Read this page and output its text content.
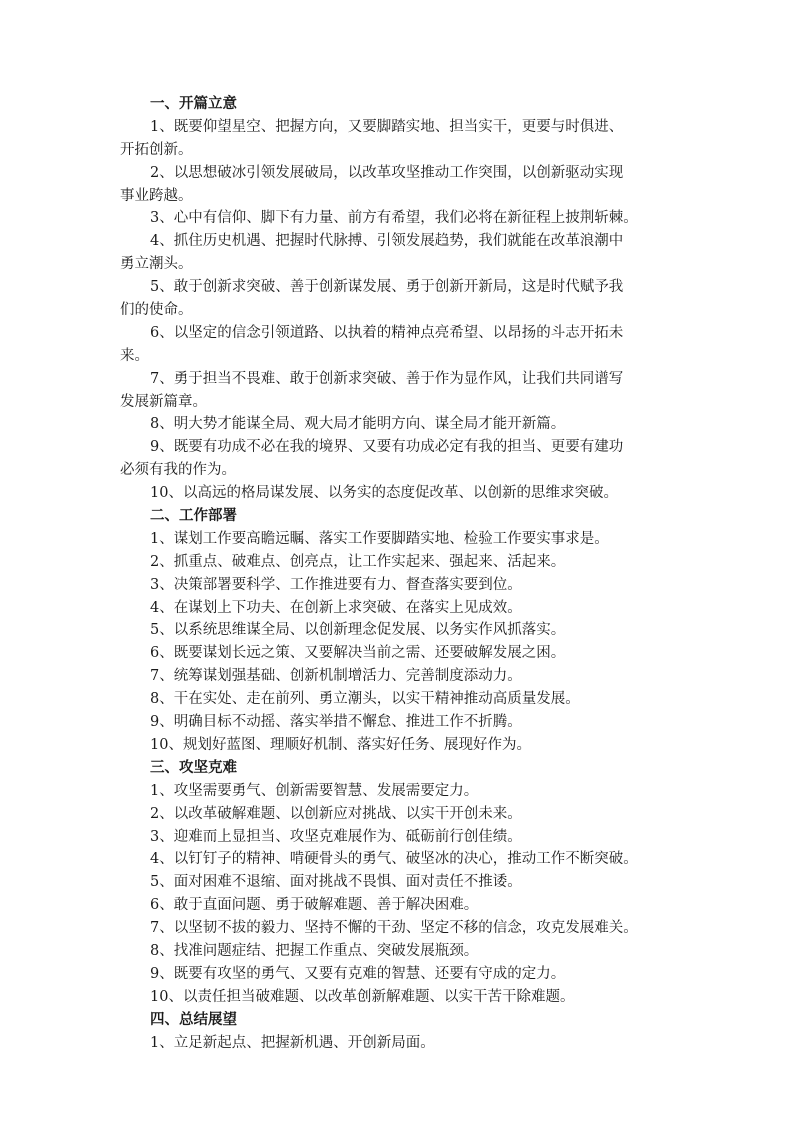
一、开篇立意
1、既要仰望星空、把握方向，又要脚踏实地、担当实干，更要与时俱进、
开拓创新。
2、以思想破冰引领发展破局，以改革攻坚推动工作突围，以创新驱动实现
事业跨越。
3、心中有信仰、脚下有力量、前方有希望，我们必将在新征程上披荆斩棘。
4、抓住历史机遇、把握时代脉搏、引领发展趋势，我们就能在改革浪潮中
勇立潮头。
5、敢于创新求突破、善于创新谋发展、勇于创新开新局，这是时代赋予我
们的使命。
6、以坚定的信念引领道路、以执着的精神点亮希望、以昂扬的斗志开拓未
来。
7、勇于担当不畏难、敢于创新求突破、善于作为显作风，让我们共同谱写
发展新篇章。
8、明大势才能谋全局、观大局才能明方向、谋全局才能开新篇。
9、既要有功成不必在我的境界、又要有功成必定有我的担当、更要有建功
必须有我的作为。
10、以高远的格局谋发展、以务实的态度促改革、以创新的思维求突破。
二、工作部署
1、谋划工作要高瞻远瞩、落实工作要脚踏实地、检验工作要实事求是。
2、抓重点、破难点、创亮点，让工作实起来、强起来、活起来。
3、决策部署要科学、工作推进要有力、督查落实要到位。
4、在谋划上下功夫、在创新上求突破、在落实上见成效。
5、以系统思维谋全局、以创新理念促发展、以务实作风抓落实。
6、既要谋划长远之策、又要解决当前之需、还要破解发展之困。
7、统筹谋划强基础、创新机制增活力、完善制度添动力。
8、干在实处、走在前列、勇立潮头，以实干精神推动高质量发展。
9、明确目标不动摇、落实举措不懈怠、推进工作不折腾。
10、规划好蓝图、理顺好机制、落实好任务、展现好作为。
三、攻坚克难
1、攻坚需要勇气、创新需要智慧、发展需要定力。
2、以改革破解难题、以创新应对挑战、以实干开创未来。
3、迎难而上显担当、攻坚克难展作为、砥砺前行创佳绩。
4、以钉钉子的精神、啃硬骨头的勇气、破坚冰的决心，推动工作不断突破。
5、面对困难不退缩、面对挑战不畏惧、面对责任不推诿。
6、敢于直面问题、勇于破解难题、善于解决困难。
7、以坚韧不拔的毅力、坚持不懈的干劲、坚定不移的信念，攻克发展难关。
8、找准问题症结、把握工作重点、突破发展瓶颈。
9、既要有攻坚的勇气、又要有克难的智慧、还要有守成的定力。
10、以责任担当破难题、以改革创新解难题、以实干苦干除难题。
四、总结展望
1、立足新起点、把握新机遇、开创新局面。
